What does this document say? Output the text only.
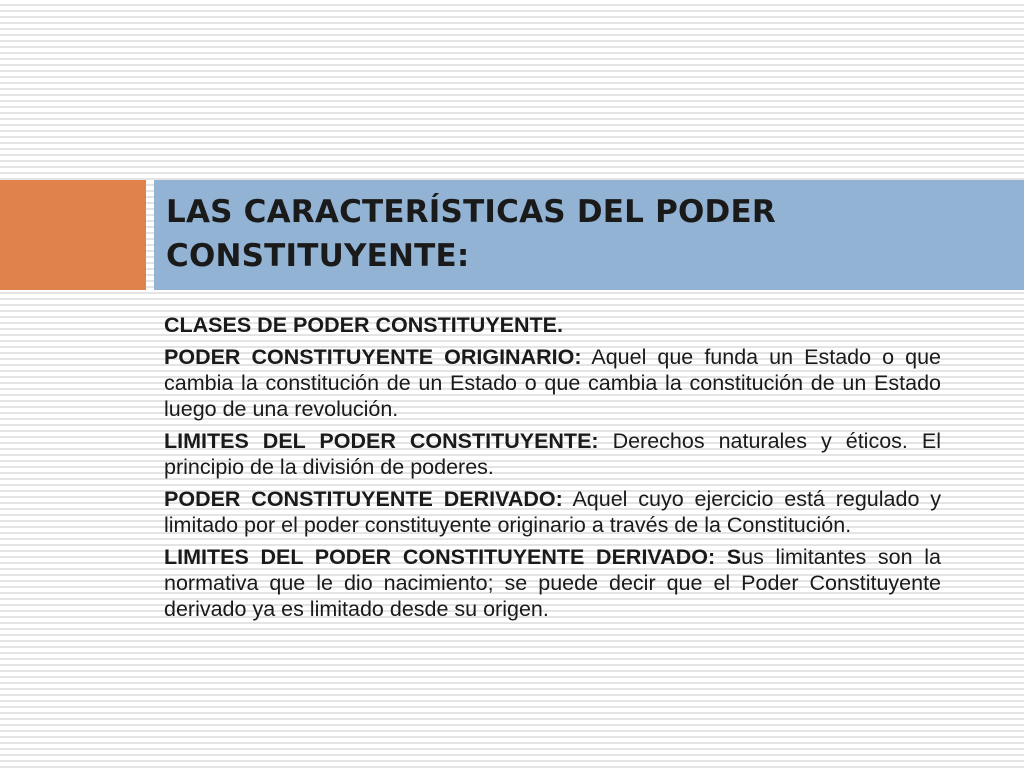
LAS CARACTERÍSTICAS DEL PODER CONSTITUYENTE:

CLASES DE PODER CONSTITUYENTE.

PODER CONSTITUYENTE ORIGINARIO: Aquel que funda un Estado o que cambia la constitución de un Estado o que cambia la constitución de un Estado luego de una revolución.

LIMITES DEL PODER CONSTITUYENTE: Derechos naturales y éticos. El principio de la división de poderes.

PODER CONSTITUYENTE DERIVADO: Aquel cuyo ejercicio está regulado y limitado por el poder constituyente originario a través de la Constitución.

LIMITES DEL PODER CONSTITUYENTE DERIVADO: Sus limitantes son la normativa que le dio nacimiento; se puede decir que el Poder Constituyente derivado ya es limitado desde su origen.
